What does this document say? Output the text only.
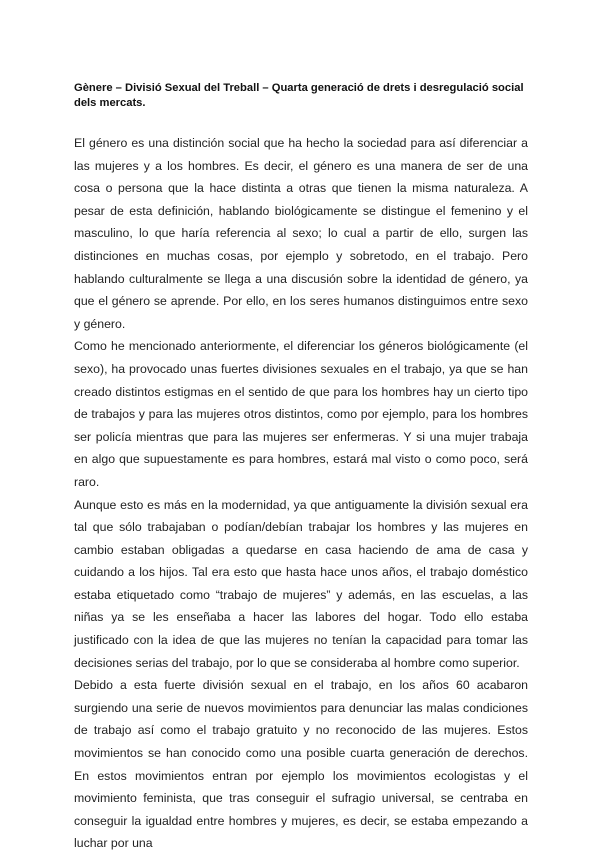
Gènere – Divisió Sexual del Treball – Quarta generació de drets i desregulació social dels mercats.

El género es una distinción social que ha hecho la sociedad para así diferenciar a las mujeres y a los hombres. Es decir, el género es una manera de ser de una cosa o persona que la hace distinta a otras que tienen la misma naturaleza. A pesar de esta definición, hablando biológicamente se distingue el femenino y el masculino, lo que haría referencia al sexo; lo cual a partir de ello, surgen las distinciones en muchas cosas, por ejemplo y sobretodo, en el trabajo. Pero hablando culturalmente se llega a una discusión sobre la identidad de género, ya que el género se aprende. Por ello, en los seres humanos distinguimos entre sexo y género.

Como he mencionado anteriormente, el diferenciar los géneros biológicamente (el sexo), ha provocado unas fuertes divisiones sexuales en el trabajo, ya que se han creado distintos estigmas en el sentido de que para los hombres hay un cierto tipo de trabajos y para las mujeres otros distintos, como por ejemplo, para los hombres ser policía mientras que para las mujeres ser enfermeras. Y si una mujer trabaja en algo que supuestamente es para hombres, estará mal visto o como poco, será raro.

Aunque esto es más en la modernidad, ya que antiguamente la división sexual era tal que sólo trabajaban o podían/debían trabajar los hombres y las mujeres en cambio estaban obligadas a quedarse en casa haciendo de ama de casa y cuidando a los hijos. Tal era esto que hasta hace unos años, el trabajo doméstico estaba etiquetado como “trabajo de mujeres” y además, en las escuelas, a las niñas ya se les enseñaba a hacer las labores del hogar. Todo ello estaba justificado con la idea de que las mujeres no tenían la capacidad para tomar las decisiones serias del trabajo, por lo que se consideraba al hombre como superior.

Debido a esta fuerte división sexual en el trabajo, en los años 60 acabaron surgiendo una serie de nuevos movimientos para denunciar las malas condiciones de trabajo así como el trabajo gratuito y no reconocido de las mujeres. Estos movimientos se han conocido como una posible cuarta generación de derechos. En estos movimientos entran por ejemplo los movimientos ecologistas y el movimiento feminista, que tras conseguir el sufragio universal, se centraba en conseguir la igualdad entre hombres y mujeres, es decir, se estaba empezando a luchar por una
